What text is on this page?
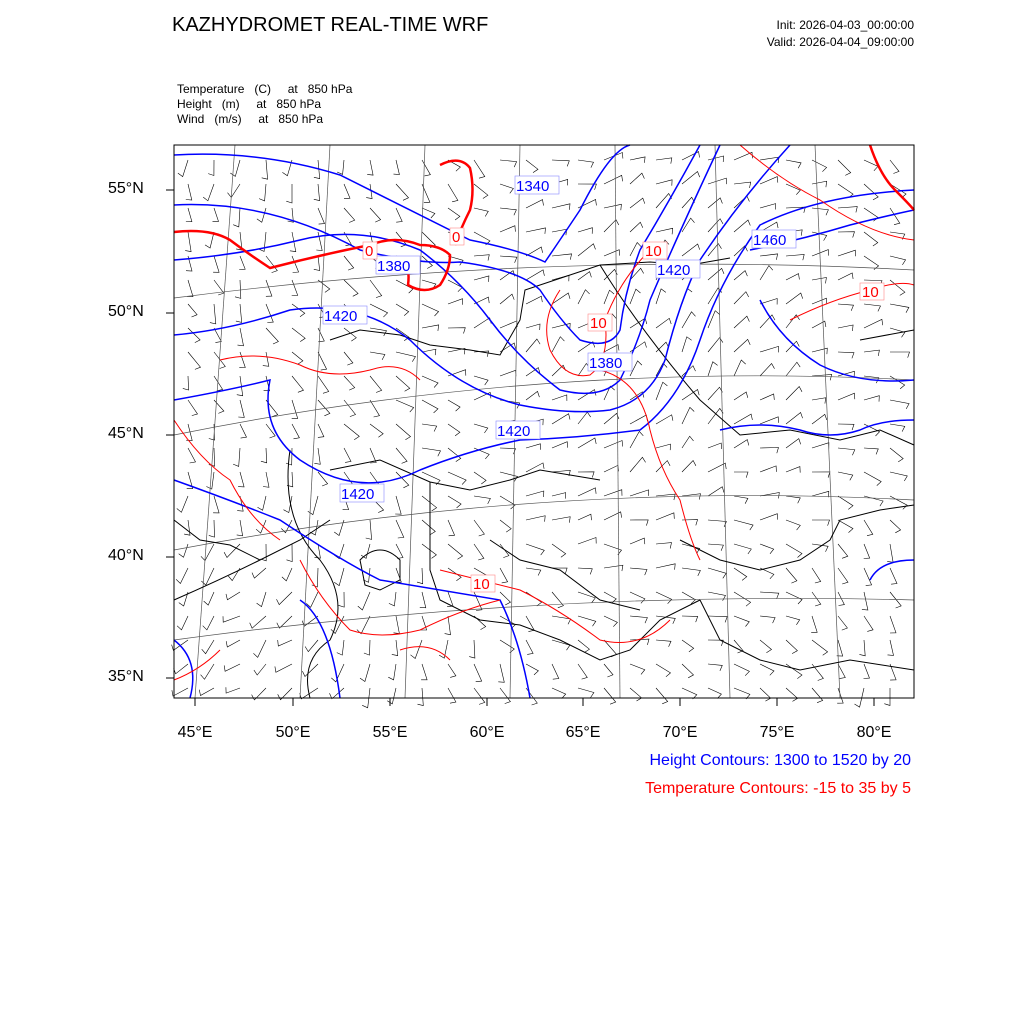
KAZHYDROMET REAL-TIME WRF	Init: 2026-04-03_00:00:00
Valid: 2026-04-04_09:00:00
Temperature   (C)     at   850 hPa
Height   (m)     at   850 hPa
Wind   (m/s)     at   850 hPa
1340
1380
1460
1420
1420
1380
1420
1420
0
0
10
10
10
10
55°N
50°N
45°N
40°N
35°N
45°E	50°E	55°E	60°E	65°E	70°E	75°E	80°E
Height Contours: 1300 to 1520 by 20
Temperature Contours: -15 to 35 by 5
